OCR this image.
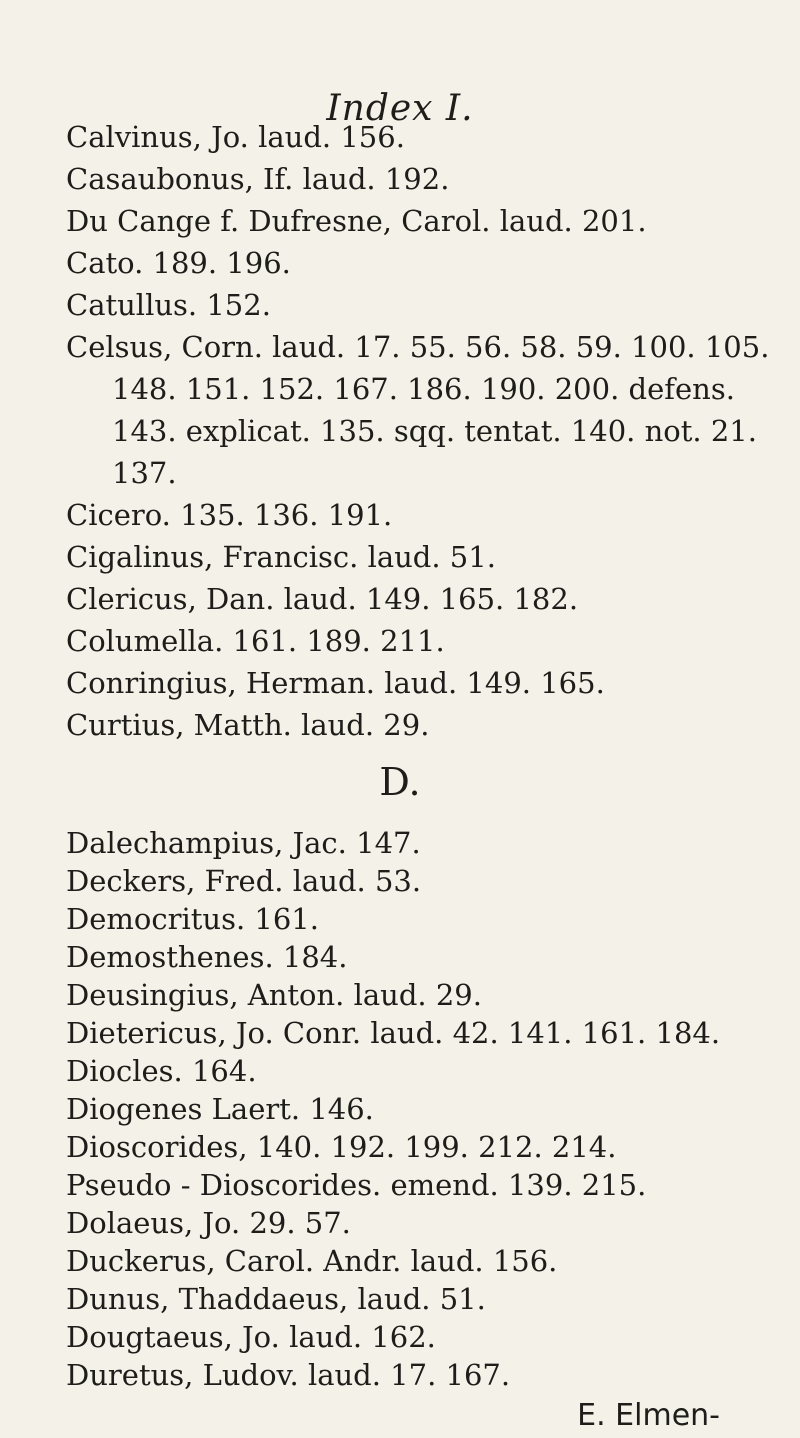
Index I.
Calvinus, Jo. laud. 156.
Casaubonus, If. laud. 192.
Du Cange f. Dufresne, Carol. laud. 201.
Cato. 189. 196.
Catullus. 152.
Celsus, Corn. laud. 17. 55. 56. 58. 59. 100. 105.
148. 151. 152. 167. 186. 190. 200. defens.
143. explicat. 135. sqq. tentat. 140. not. 21.
137.
Cicero. 135. 136. 191.
Cigalinus, Francisc. laud. 51.
Clericus, Dan. laud. 149. 165. 182.
Columella. 161. 189. 211.
Conringius, Herman. laud. 149. 165.
Curtius, Matth. laud. 29.
D.
Dalechampius, Jac. 147.
Deckers, Fred. laud. 53.
Democritus. 161.
Demosthenes. 184.
Deusingius, Anton. laud. 29.
Dietericus, Jo. Conr. laud. 42. 141. 161. 184.
Diocles. 164.
Diogenes Laert. 146.
Dioscorides, 140. 192. 199. 212. 214.
Pseudo - Dioscorides. emend. 139. 215.
Dolaeus, Jo. 29. 57.
Duckerus, Carol. Andr. laud. 156.
Dunus, Thaddaeus, laud. 51.
Dougtaeus, Jo. laud. 162.
Duretus, Ludov. laud. 17. 167.
E. Elmen-
